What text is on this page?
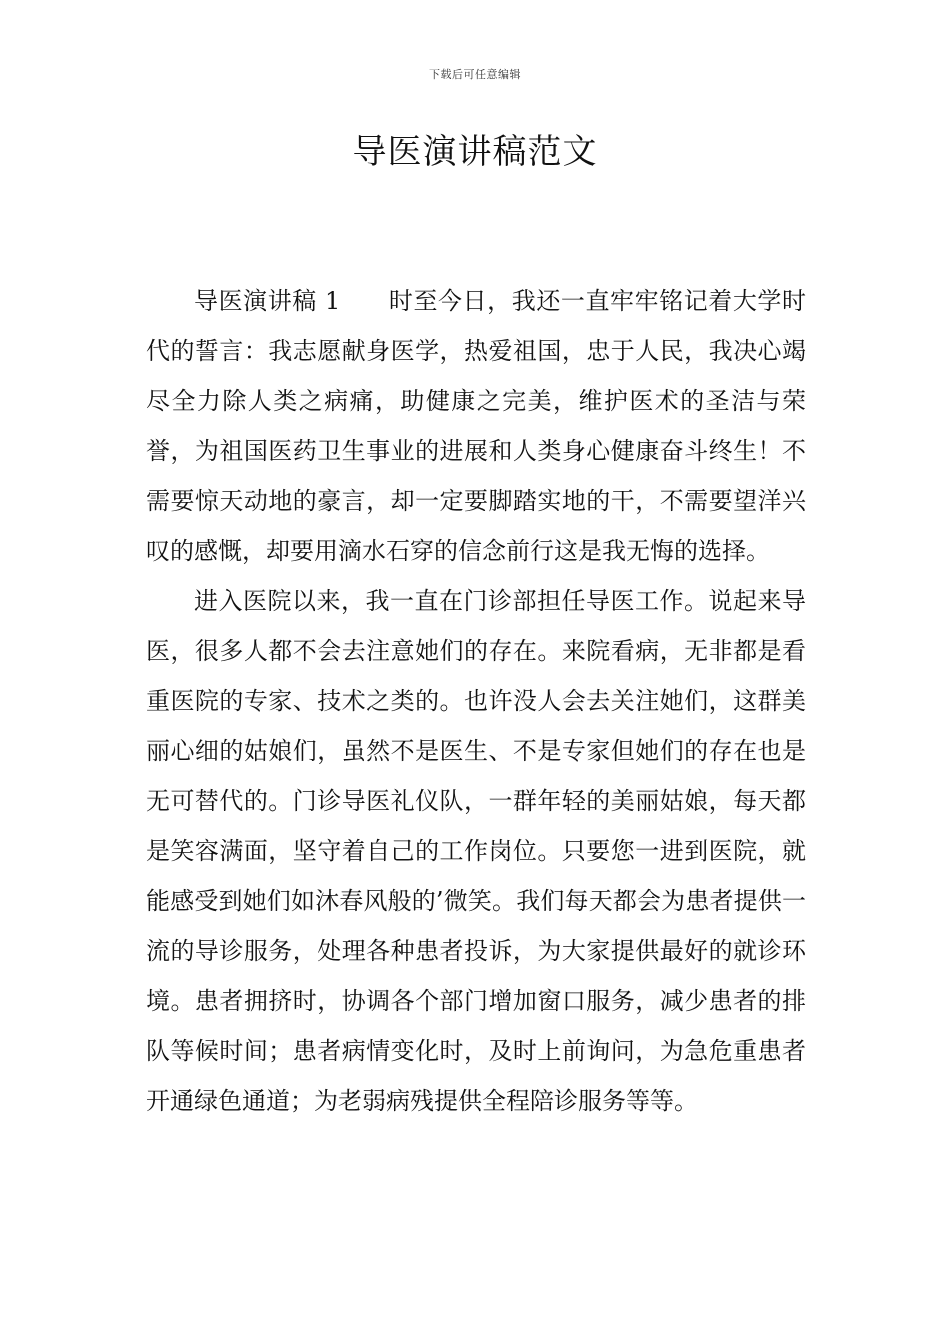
下载后可任意编辑
导医演讲稿范文

导医演讲稿 1 时至今日，我还一直牢牢铭记着大学时代的誓言：我志愿献身医学，热爱祖国，忠于人民，我决心竭尽全力除人类之病痛，助健康之完美，维护医术的圣洁与荣誉，为祖国医药卫生事业的进展和人类身心健康奋斗终生！不需要惊天动地的豪言，却一定要脚踏实地的干，不需要望洋兴叹的感慨，却要用滴水石穿的信念前行这是我无悔的选择。

进入医院以来，我一直在门诊部担任导医工作。说起来导医，很多人都不会去注意她们的存在。来院看病，无非都是看重医院的专家、技术之类的。也许没人会去关注她们，这群美丽心细的姑娘们，虽然不是医生、不是专家但她们的存在也是无可替代的。门诊导医礼仪队，一群年轻的美丽姑娘，每天都是笑容满面，坚守着自己的工作岗位。只要您一进到医院，就能感受到她们如沐春风般的’微笑。我们每天都会为患者提供一流的导诊服务，处理各种患者投诉，为大家提供最好的就诊环境。患者拥挤时，协调各个部门增加窗口服务，减少患者的排队等候时间；患者病情变化时，及时上前询问，为急危重患者开通绿色通道；为老弱病残提供全程陪诊服务等等。
